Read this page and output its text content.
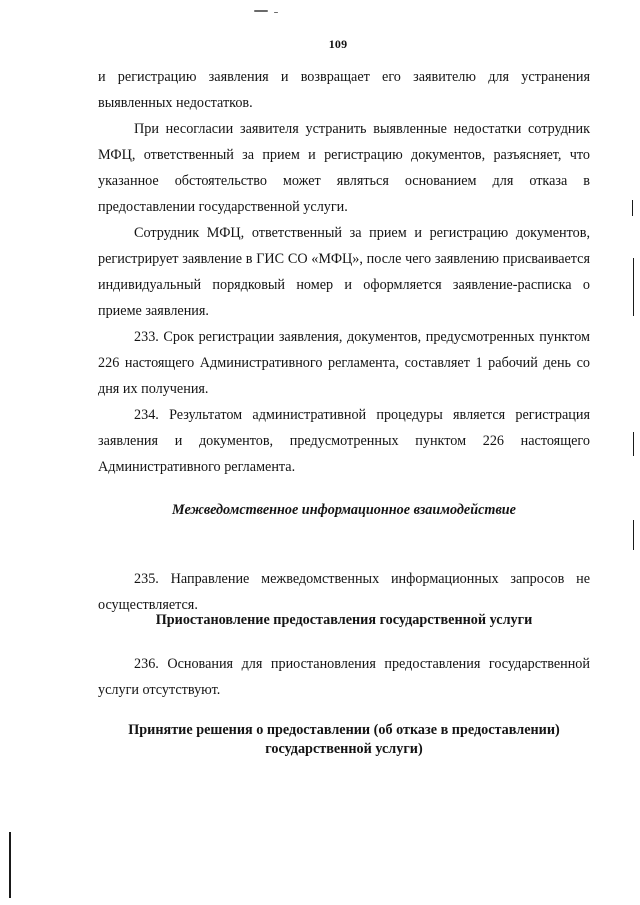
109

и регистрацию заявления и возвращает его заявителю для устранения выявленных недостатков.

При несогласии заявителя устранить выявленные недостатки сотрудник МФЦ, ответственный за прием и регистрацию документов, разъясняет, что указанное обстоятельство может являться основанием для отказа в предоставлении государственной услуги.

Сотрудник МФЦ, ответственный за прием и регистрацию документов, регистрирует заявление в ГИС СО «МФЦ», после чего заявлению присваивается индивидуальный порядковый номер и оформляется заявление-расписка о приеме заявления.

233. Срок регистрации заявления, документов, предусмотренных пунктом 226 настоящего Административного регламента, составляет 1 рабочий день со дня их получения.

234. Результатом административной процедуры является регистрация заявления и документов, предусмотренных пунктом 226 настоящего Административного регламента.

Межведомственное информационное взаимодействие

235. Направление межведомственных информационных запросов не осуществляется.

Приостановление предоставления государственной услуги

236. Основания для приостановления предоставления государственной услуги отсутствуют.

Принятие решения о предоставлении (об отказе в предоставлении)
государственной услуги)
